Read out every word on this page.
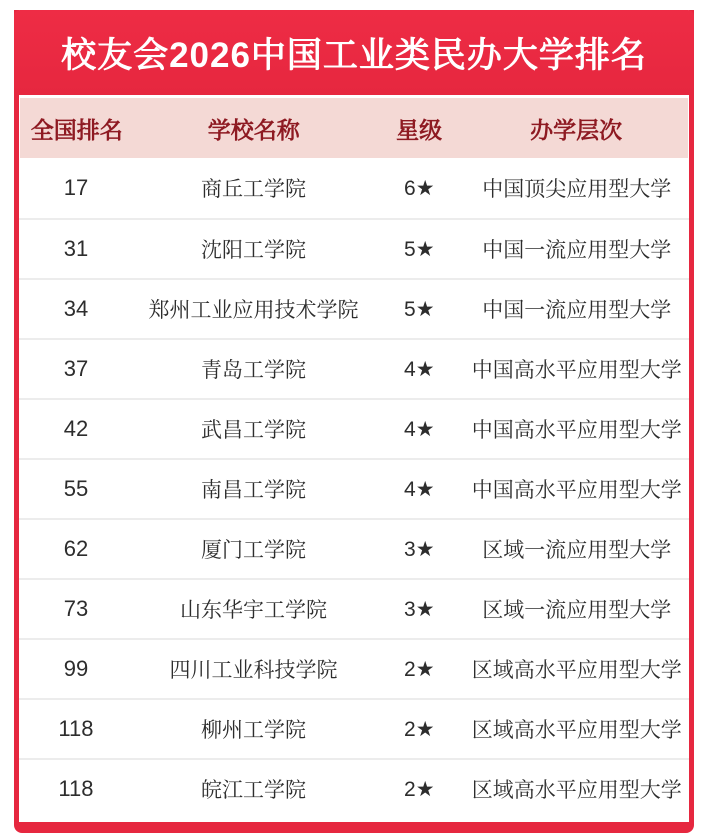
校友会2026中国工业类民办大学排名
全国排名	学校名称	星级	办学层次
17	商丘工学院	6★	中国顶尖应用型大学
31	沈阳工学院	5★	中国一流应用型大学
34	郑州工业应用技术学院	5★	中国一流应用型大学
37	青岛工学院	4★	中国高水平应用型大学
42	武昌工学院	4★	中国高水平应用型大学
55	南昌工学院	4★	中国高水平应用型大学
62	厦门工学院	3★	区域一流应用型大学
73	山东华宇工学院	3★	区域一流应用型大学
99	四川工业科技学院	2★	区域高水平应用型大学
118	柳州工学院	2★	区域高水平应用型大学
118	皖江工学院	2★	区域高水平应用型大学
